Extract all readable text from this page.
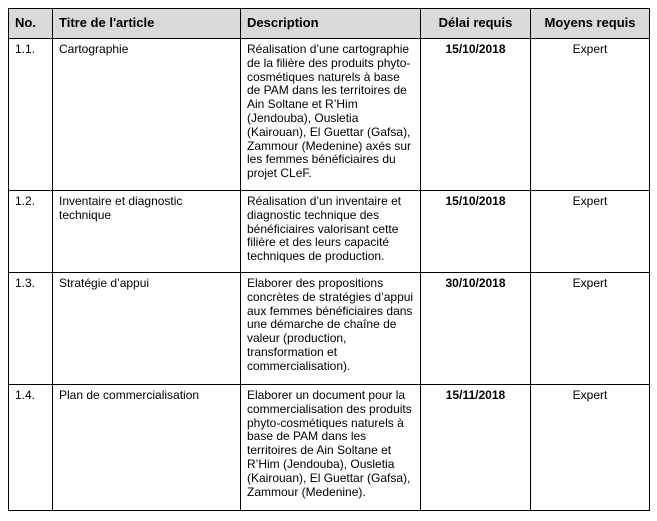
No.	Titre de l'article	Description	Délai requis	Moyens requis
1.1.	Cartographie	Réalisation d’une cartographie de la filière des produits phyto-cosmétiques naturels à base de PAM dans les territoires de Ain Soltane et R’Him (Jendouba), Ousletia (Kairouan), El Guettar (Gafsa), Zammour (Medenine) axés sur les femmes bénéficiaires du projet CLeF.	15/10/2018	Expert
1.2.	Inventaire et diagnostic technique	Réalisation d’un inventaire et diagnostic technique des bénéficiaires valorisant cette filière et des leurs capacité techniques de production.	15/10/2018	Expert
1.3.	Stratégie d’appui	Elaborer des propositions concrètes de stratégies d’appui aux femmes bénéficiaires dans une démarche de chaîne de valeur (production, transformation et commercialisation).	30/10/2018	Expert
1.4.	Plan de commercialisation	Elaborer un document pour la commercialisation des produits phyto-cosmétiques naturels à base de PAM dans les territoires de Ain Soltane et R’Him (Jendouba), Ousletia (Kairouan), El Guettar (Gafsa), Zammour (Medenine).	15/11/2018	Expert
